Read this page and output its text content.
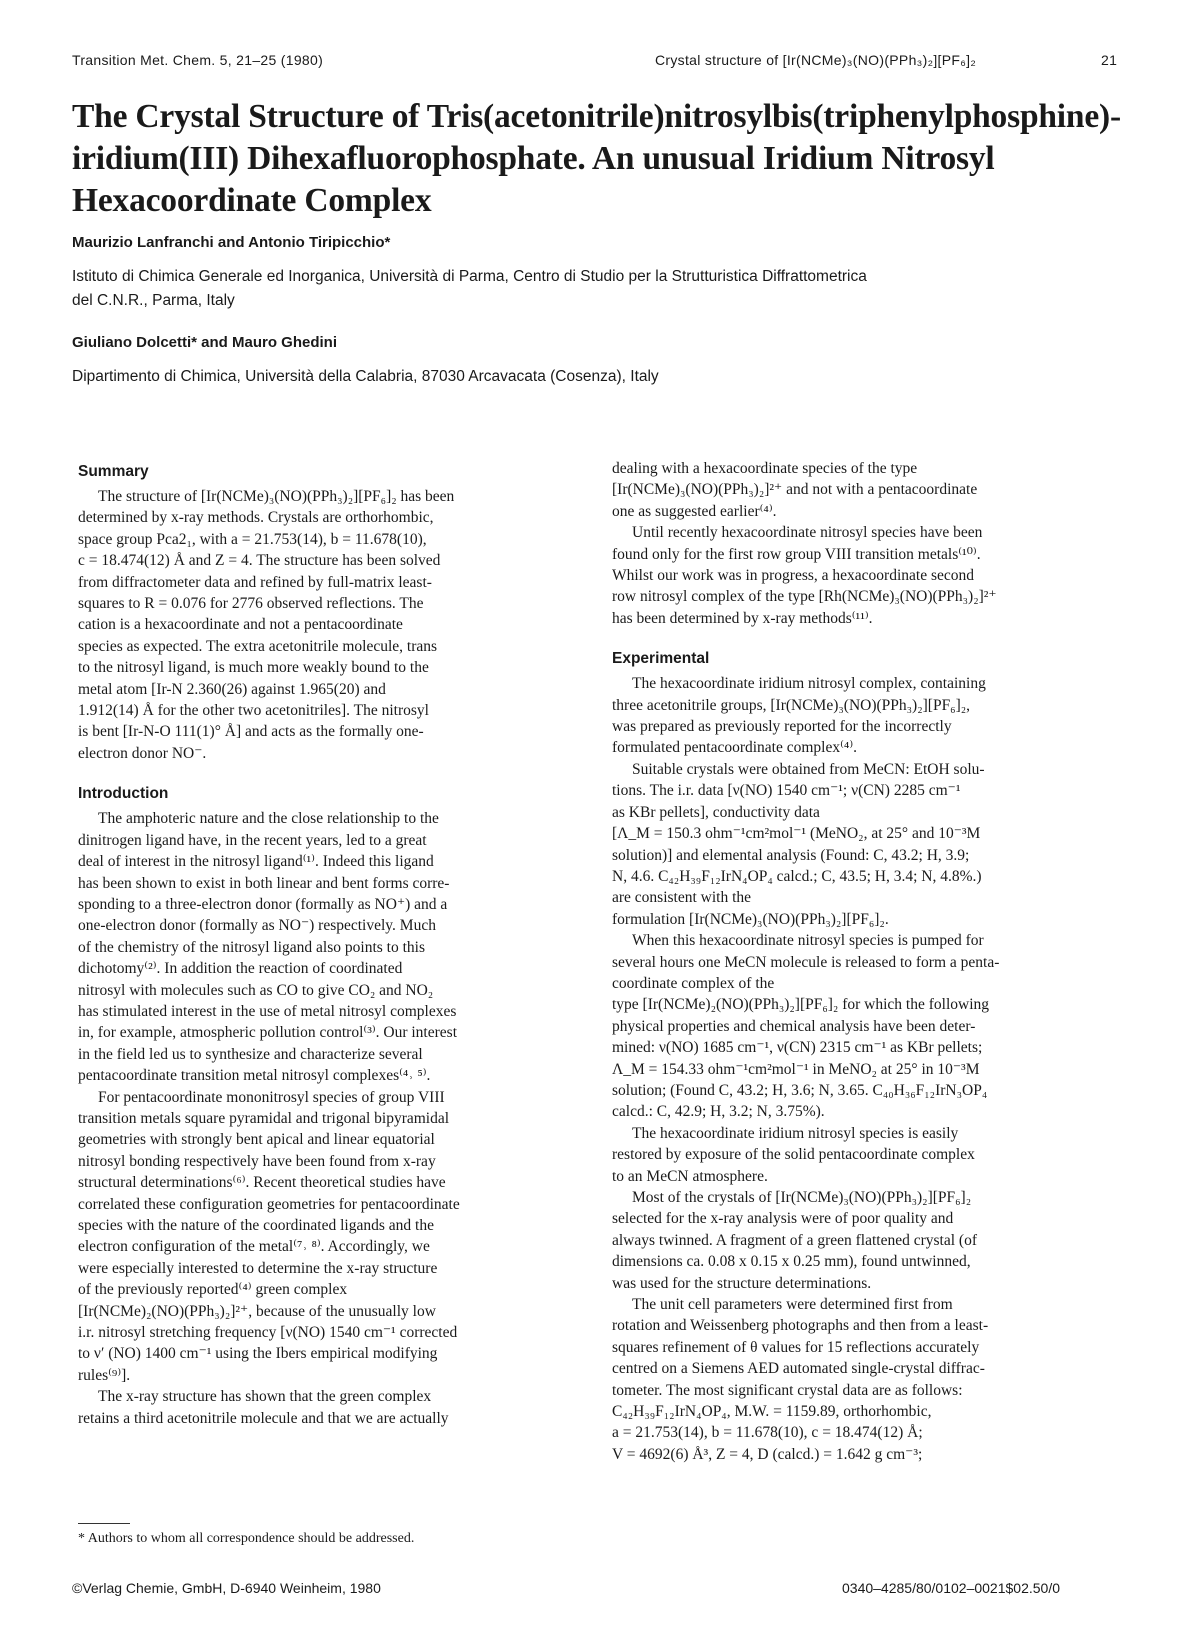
Transition Met. Chem. 5, 21–25 (1980)	Crystal structure of [Ir(NCMe)₃(NO)(PPh₃)₂][PF₆]₂	21
The Crystal Structure of Tris(acetonitrile)nitrosylbis(triphenylphosphine)-
iridium(III) Dihexafluorophosphate. An unusual Iridium Nitrosyl
Hexacoordinate Complex
Maurizio Lanfranchi and Antonio Tiripicchio*
Istituto di Chimica Generale ed Inorganica, Università di Parma, Centro di Studio per la Strutturistica Diffrattometrica
del C.N.R., Parma, Italy
Giuliano Dolcetti* and Mauro Ghedini
Dipartimento di Chimica, Università della Calabria, 87030 Arcavacata (Cosenza), Italy
Summary
The structure of [Ir(NCMe)₃(NO)(PPh₃)₂][PF₆]₂ has been
determined by x-ray methods. Crystals are orthorhombic,
space group Pca2₁, with a = 21.753(14), b = 11.678(10),
c = 18.474(12) Å and Z = 4. The structure has been solved
from diffractometer data and refined by full-matrix least-
squares to R = 0.076 for 2776 observed reflections. The
cation is a hexacoordinate and not a pentacoordinate
species as expected. The extra acetonitrile molecule, trans
to the nitrosyl ligand, is much more weakly bound to the
metal atom [Ir-N 2.360(26) against 1.965(20) and
1.912(14) Å for the other two acetonitriles]. The nitrosyl
is bent [Ir-N-O 111(1)° Å] and acts as the formally one-
electron donor NO⁻.
Introduction
The amphoteric nature and the close relationship to the
dinitrogen ligand have, in the recent years, led to a great
deal of interest in the nitrosyl ligand⁽¹⁾. Indeed this ligand
has been shown to exist in both linear and bent forms corre-
sponding to a three-electron donor (formally as NO⁺) and a
one-electron donor (formally as NO⁻) respectively. Much
of the chemistry of the nitrosyl ligand also points to this
dichotomy⁽²⁾. In addition the reaction of coordinated
nitrosyl with molecules such as CO to give CO₂ and NO₂
has stimulated interest in the use of metal nitrosyl complexes
in, for example, atmospheric pollution control⁽³⁾. Our interest
in the field led us to synthesize and characterize several
pentacoordinate transition metal nitrosyl complexes⁽⁴˒ ⁵⁾.
For pentacoordinate mononitrosyl species of group VIII
transition metals square pyramidal and trigonal bipyramidal
geometries with strongly bent apical and linear equatorial
nitrosyl bonding respectively have been found from x-ray
structural determinations⁽⁶⁾. Recent theoretical studies have
correlated these configuration geometries for pentacoordinate
species with the nature of the coordinated ligands and the
electron configuration of the metal⁽⁷˒ ⁸⁾. Accordingly, we
were especially interested to determine the x-ray structure
of the previously reported⁽⁴⁾ green complex
[Ir(NCMe)₂(NO)(PPh₃)₂]²⁺, because of the unusually low
i.r. nitrosyl stretching frequency [ν(NO) 1540 cm⁻¹ corrected
to ν′ (NO) 1400 cm⁻¹ using the Ibers empirical modifying
rules⁽⁹⁾].
The x-ray structure has shown that the green complex
retains a third acetonitrile molecule and that we are actually
dealing with a hexacoordinate species of the type
[Ir(NCMe)₃(NO)(PPh₃)₂]²⁺ and not with a pentacoordinate
one as suggested earlier⁽⁴⁾.
Until recently hexacoordinate nitrosyl species have been
found only for the first row group VIII transition metals⁽¹⁰⁾.
Whilst our work was in progress, a hexacoordinate second
row nitrosyl complex of the type [Rh(NCMe)₃(NO)(PPh₃)₂]²⁺
has been determined by x-ray methods⁽¹¹⁾.
Experimental
The hexacoordinate iridium nitrosyl complex, containing
three acetonitrile groups, [Ir(NCMe)₃(NO)(PPh₃)₂][PF₆]₂,
was prepared as previously reported for the incorrectly
formulated pentacoordinate complex⁽⁴⁾.
Suitable crystals were obtained from MeCN: EtOH solu-
tions. The i.r. data [ν(NO) 1540 cm⁻¹; ν(CN) 2285 cm⁻¹
as KBr pellets], conductivity data
[Λ_M = 150.3 ohm⁻¹cm²mol⁻¹ (MeNO₂, at 25° and 10⁻³M
solution)] and elemental analysis (Found: C, 43.2; H, 3.9;
N, 4.6. C₄₂H₃₉F₁₂IrN₄OP₄ calcd.; C, 43.5; H, 3.4; N, 4.8%.)
are consistent with the
formulation [Ir(NCMe)₃(NO)(PPh₃)₂][PF₆]₂.
When this hexacoordinate nitrosyl species is pumped for
several hours one MeCN molecule is released to form a penta-
coordinate complex of the
type [Ir(NCMe)₂(NO)(PPh₃)₂][PF₆]₂ for which the following
physical properties and chemical analysis have been deter-
mined: ν(NO) 1685 cm⁻¹, ν(CN) 2315 cm⁻¹ as KBr pellets;
Λ_M = 154.33 ohm⁻¹cm²mol⁻¹ in MeNO₂ at 25° in 10⁻³M
solution; (Found C, 43.2; H, 3.6; N, 3.65. C₄₀H₃₆F₁₂IrN₃OP₄
calcd.: C, 42.9; H, 3.2; N, 3.75%).
The hexacoordinate iridium nitrosyl species is easily
restored by exposure of the solid pentacoordinate complex
to an MeCN atmosphere.
Most of the crystals of [Ir(NCMe)₃(NO)(PPh₃)₂][PF₆]₂
selected for the x-ray analysis were of poor quality and
always twinned. A fragment of a green flattened crystal (of
dimensions ca. 0.08 x 0.15 x 0.25 mm), found untwinned,
was used for the structure determinations.
The unit cell parameters were determined first from
rotation and Weissenberg photographs and then from a least-
squares refinement of θ values for 15 reflections accurately
centred on a Siemens AED automated single-crystal diffrac-
tometer. The most significant crystal data are as follows:
C₄₂H₃₉F₁₂IrN₄OP₄, M.W. = 1159.89, orthorhombic,
a = 21.753(14), b = 11.678(10), c = 18.474(12) Å;
V = 4692(6) Å³, Z = 4, D (calcd.) = 1.642 g cm⁻³;
* Authors to whom all correspondence should be addressed.
©Verlag Chemie, GmbH, D-6940 Weinheim, 1980	0340–4285/80/0102–0021$02.50/0
